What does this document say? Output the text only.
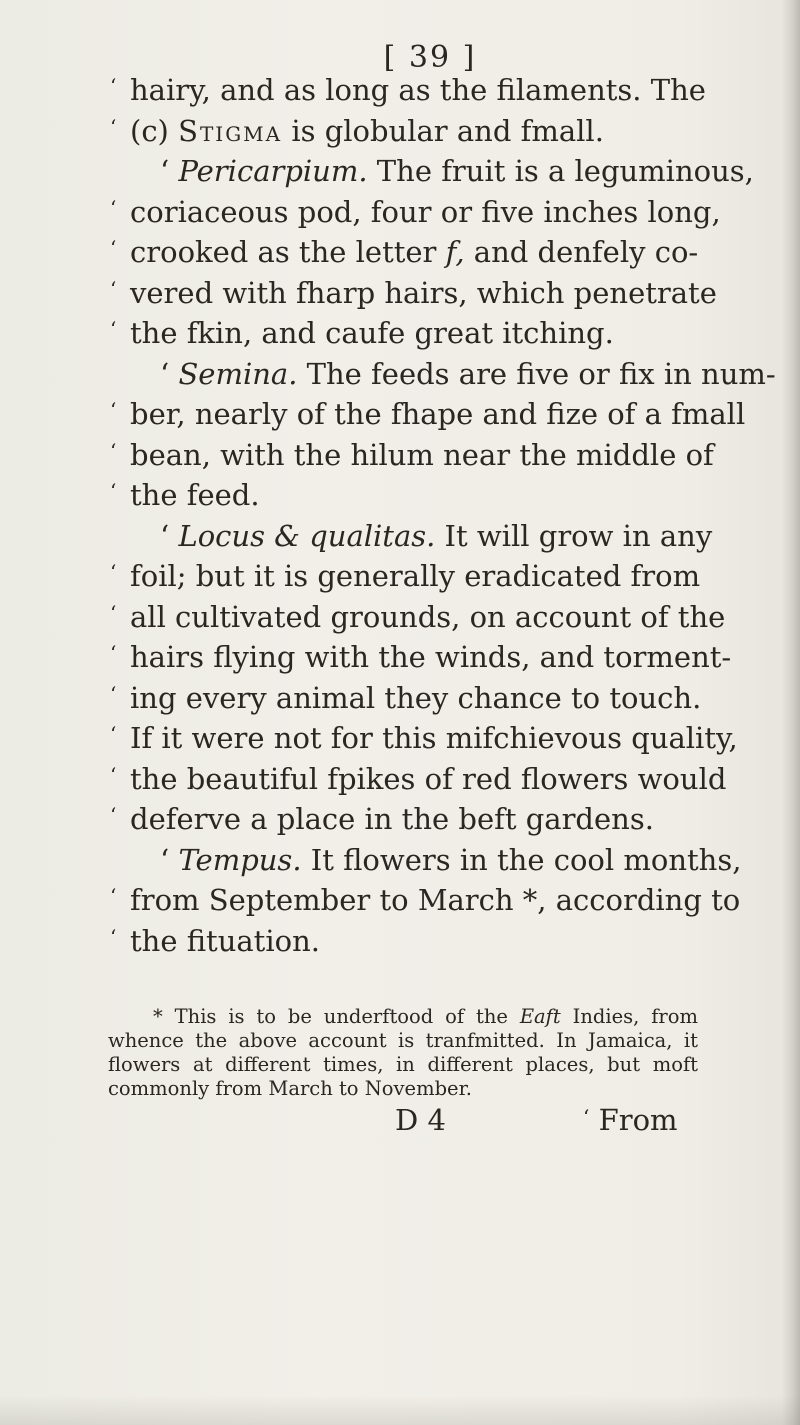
[ 39 ]
‘ hairy, and as long as the filaments. The
‘ (c) Stigma is globular and fmall.
‘ Pericarpium. The fruit is a leguminous,
‘ coriaceous pod, four or five inches long,
‘ crooked as the letter f, and denfely co-
‘ vered with fharp hairs, which penetrate
‘ the fkin, and caufe great itching.
‘ Semina. The feeds are five or fix in num-
‘ ber, nearly of the fhape and fize of a fmall
‘ bean, with the hilum near the middle of
‘ the feed.
‘ Locus & qualitas. It will grow in any
‘ foil; but it is generally eradicated from
‘ all cultivated grounds, on account of the
‘ hairs flying with the winds, and torment-
‘ ing every animal they chance to touch.
‘ If it were not for this mifchievous quality,
‘ the beautiful fpikes of red flowers would
‘ deferve a place in the beft gardens.
‘ Tempus. It flowers in the cool months,
‘ from September to March *, according to
‘ the fituation.
* This is to be underftood of the Eaft Indies, from whence the above account is tranfmitted. In Jamaica, it flowers at different times, in different places, but moft commonly from March to November.
D 4	‘ From
